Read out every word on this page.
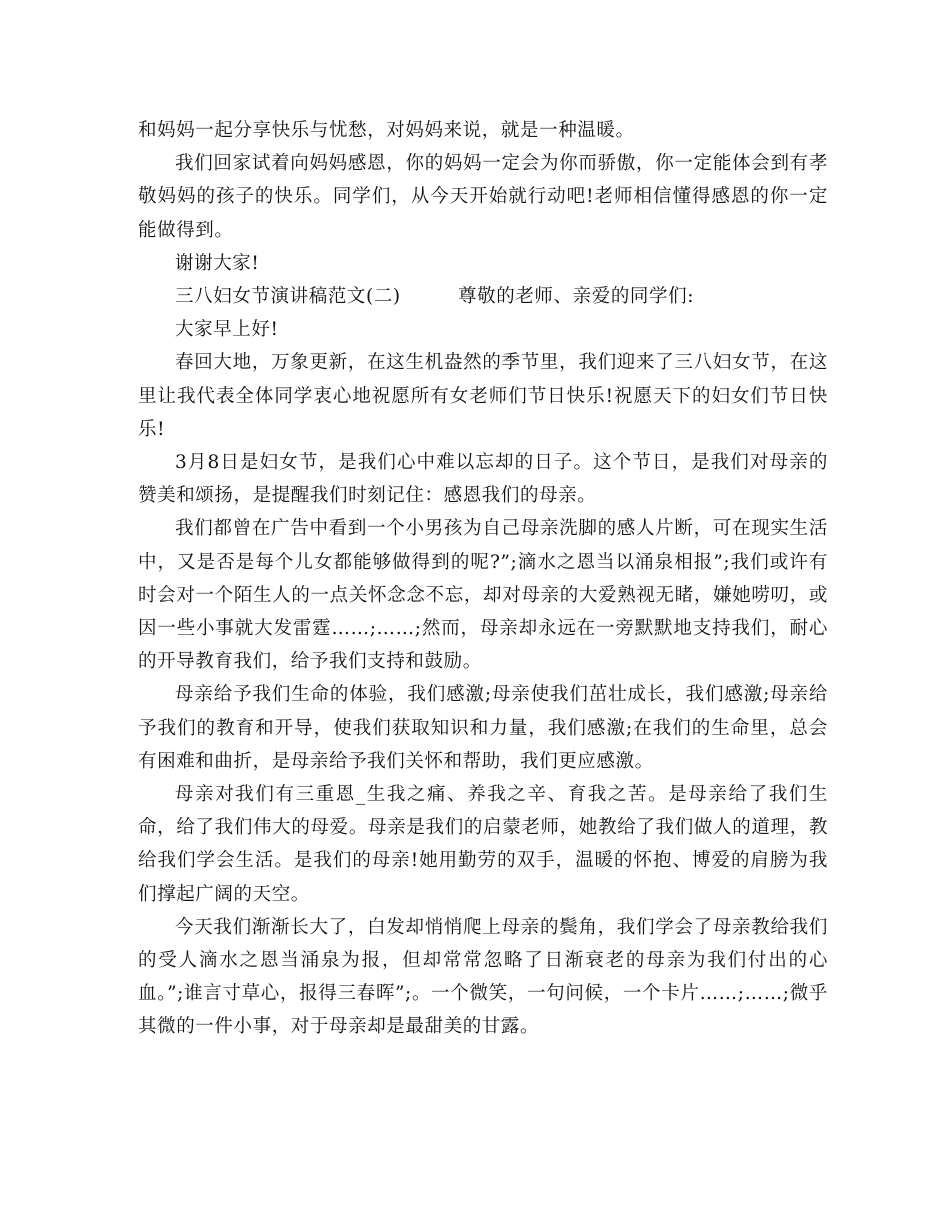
和妈妈一起分享快乐与忧愁，对妈妈来说，就是一种温暖。

我们回家试着向妈妈感恩，你的妈妈一定会为你而骄傲，你一定能体会到有孝敬妈妈的孩子的快乐。同学们，从今天开始就行动吧!老师相信懂得感恩的你一定能做得到。

谢谢大家!

三八妇女节演讲稿范文(二)　　　尊敬的老师、亲爱的同学们:

大家早上好!

春回大地，万象更新，在这生机盎然的季节里，我们迎来了三八妇女节，在这里让我代表全体同学衷心地祝愿所有女老师们节日快乐!祝愿天下的妇女们节日快乐!

3月8日是妇女节，是我们心中难以忘却的日子。这个节日，是我们对母亲的赞美和颂扬，是提醒我们时刻记住：感恩我们的母亲。

我们都曾在广告中看到一个小男孩为自己母亲洗脚的感人片断，可在现实生活中，又是否是每个儿女都能够做得到的呢?”;滴水之恩当以涌泉相报”;我们或许有时会对一个陌生人的一点关怀念念不忘，却对母亲的大爱熟视无睹，嫌她唠叨，或因一些小事就大发雷霆……;……;然而，母亲却永远在一旁默默地支持我们，耐心的开导教育我们，给予我们支持和鼓励。

母亲给予我们生命的体验，我们感激;母亲使我们茁壮成长，我们感激;母亲给予我们的教育和开导，使我们获取知识和力量，我们感激;在我们的生命里，总会有困难和曲折，是母亲给予我们关怀和帮助，我们更应感激。

母亲对我们有三重恩_生我之痛、养我之辛、育我之苦。是母亲给了我们生命，给了我们伟大的母爱。母亲是我们的启蒙老师，她教给了我们做人的道理，教给我们学会生活。是我们的母亲!她用勤劳的双手，温暖的怀抱、博爱的肩膀为我们撑起广阔的天空。

今天我们渐渐长大了，白发却悄悄爬上母亲的鬓角，我们学会了母亲教给我们的受人滴水之恩当涌泉为报，但却常常忽略了日渐衰老的母亲为我们付出的心血。”;谁言寸草心，报得三春晖”;。一个微笑，一句问候，一个卡片……;……;微乎其微的一件小事，对于母亲却是最甜美的甘露。
